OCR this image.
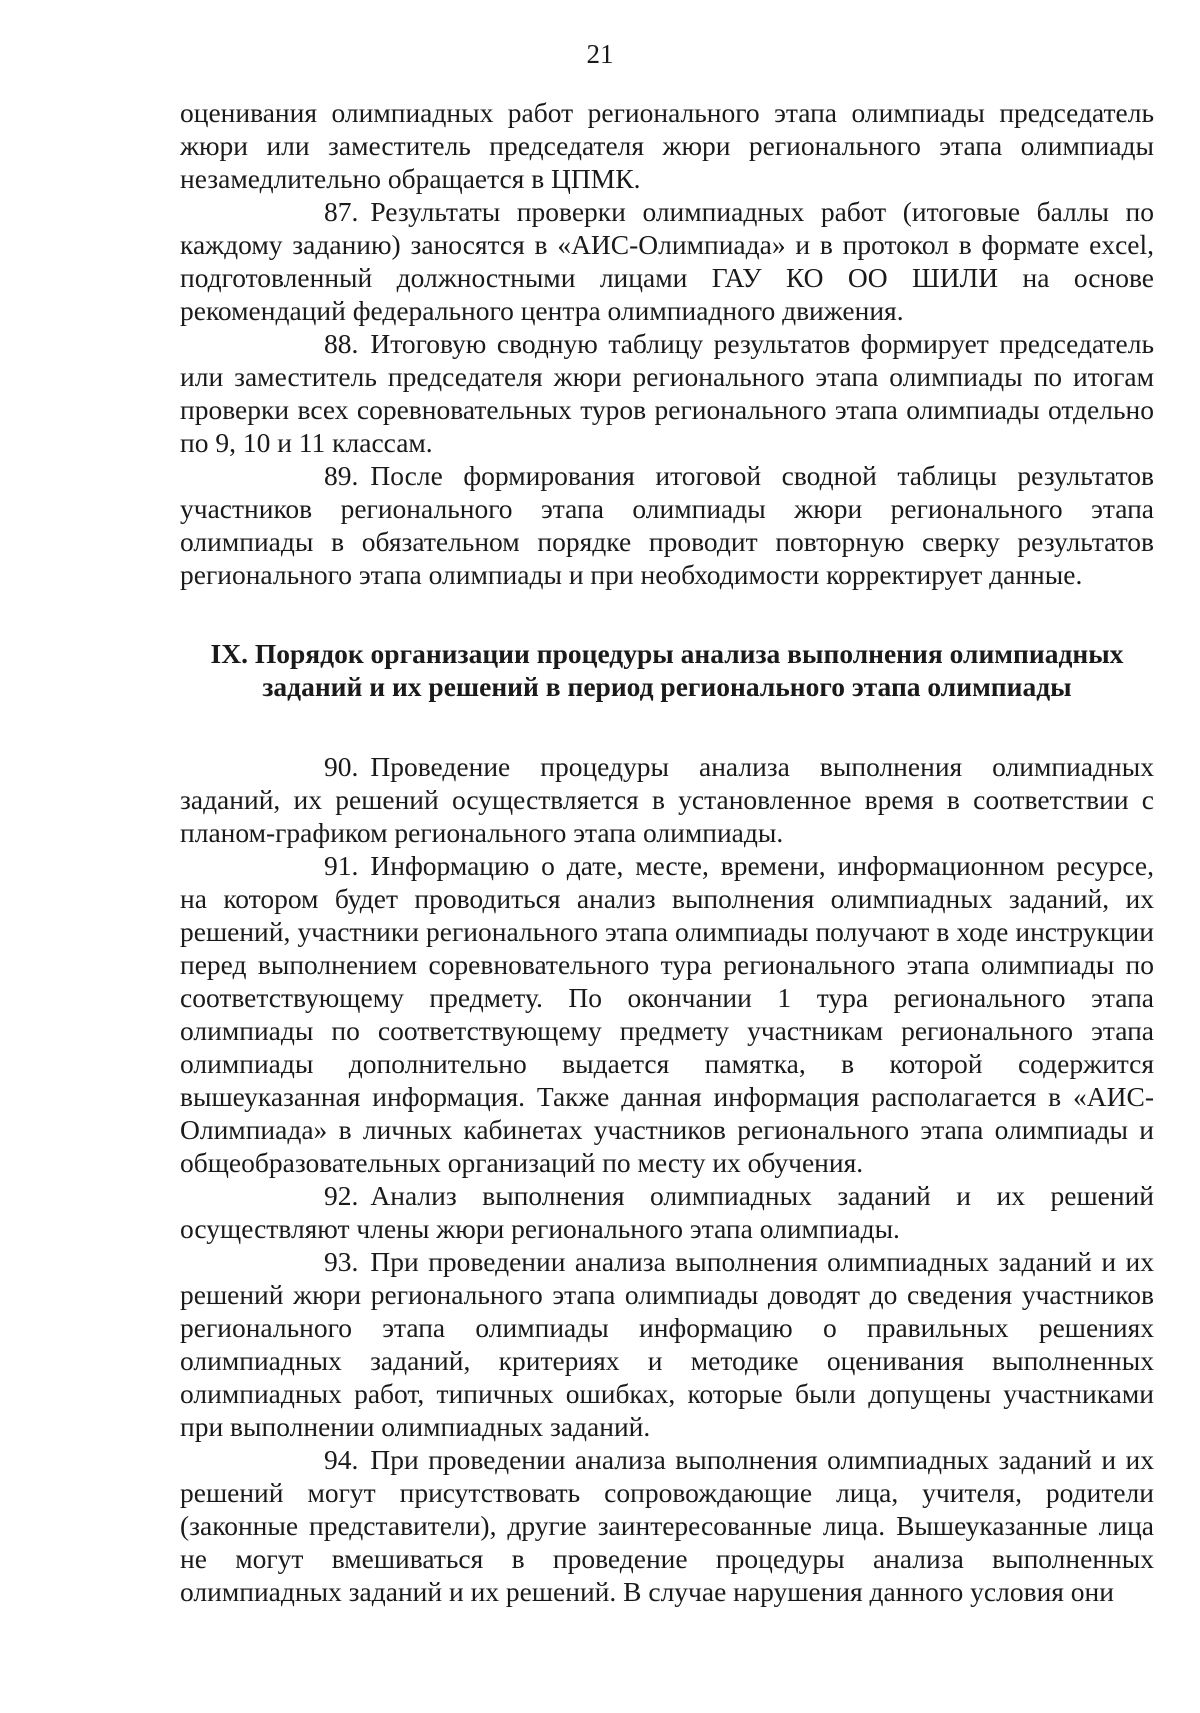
21

оценивания олимпиадных работ регионального этапа олимпиады председатель жюри или заместитель председателя жюри регионального этапа олимпиады незамедлительно обращается в ЦПМК.

87. Результаты проверки олимпиадных работ (итоговые баллы по каждому заданию) заносятся в «АИС-Олимпиада» и в протокол в формате excel, подготовленный должностными лицами ГАУ КО ОО ШИЛИ на основе рекомендаций федерального центра олимпиадного движения.

88. Итоговую сводную таблицу результатов формирует председатель или заместитель председателя жюри регионального этапа олимпиады по итогам проверки всех соревновательных туров регионального этапа олимпиады отдельно по 9, 10 и 11 классам.

89. После формирования итоговой сводной таблицы результатов участников регионального этапа олимпиады жюри регионального этапа олимпиады в обязательном порядке проводит повторную сверку результатов регионального этапа олимпиады и при необходимости корректирует данные.

IX. Порядок организации процедуры анализа выполнения олимпиадных
заданий и их решений в период регионального этапа олимпиады

90. Проведение процедуры анализа выполнения олимпиадных заданий, их решений осуществляется в установленное время в соответствии с планом-графиком регионального этапа олимпиады.

91. Информацию о дате, месте, времени, информационном ресурсе, на котором будет проводиться анализ выполнения олимпиадных заданий, их решений, участники регионального этапа олимпиады получают в ходе инструкции перед выполнением соревновательного тура регионального этапа олимпиады по соответствующему предмету. По окончании 1 тура регионального этапа олимпиады по соответствующему предмету участникам регионального этапа олимпиады дополнительно выдается памятка, в которой содержится вышеуказанная информация. Также данная информация располагается в «АИС-Олимпиада» в личных кабинетах участников регионального этапа олимпиады и общеобразовательных организаций по месту их обучения.

92. Анализ выполнения олимпиадных заданий и их решений осуществляют члены жюри регионального этапа олимпиады.

93. При проведении анализа выполнения олимпиадных заданий и их решений жюри регионального этапа олимпиады доводят до сведения участников регионального этапа олимпиады информацию о правильных решениях олимпиадных заданий, критериях и методике оценивания выполненных олимпиадных работ, типичных ошибках, которые были допущены участниками при выполнении олимпиадных заданий.

94. При проведении анализа выполнения олимпиадных заданий и их решений могут присутствовать сопровождающие лица, учителя, родители (законные представители), другие заинтересованные лица. Вышеуказанные лица не могут вмешиваться в проведение процедуры анализа выполненных олимпиадных заданий и их решений. В случае нарушения данного условия они
